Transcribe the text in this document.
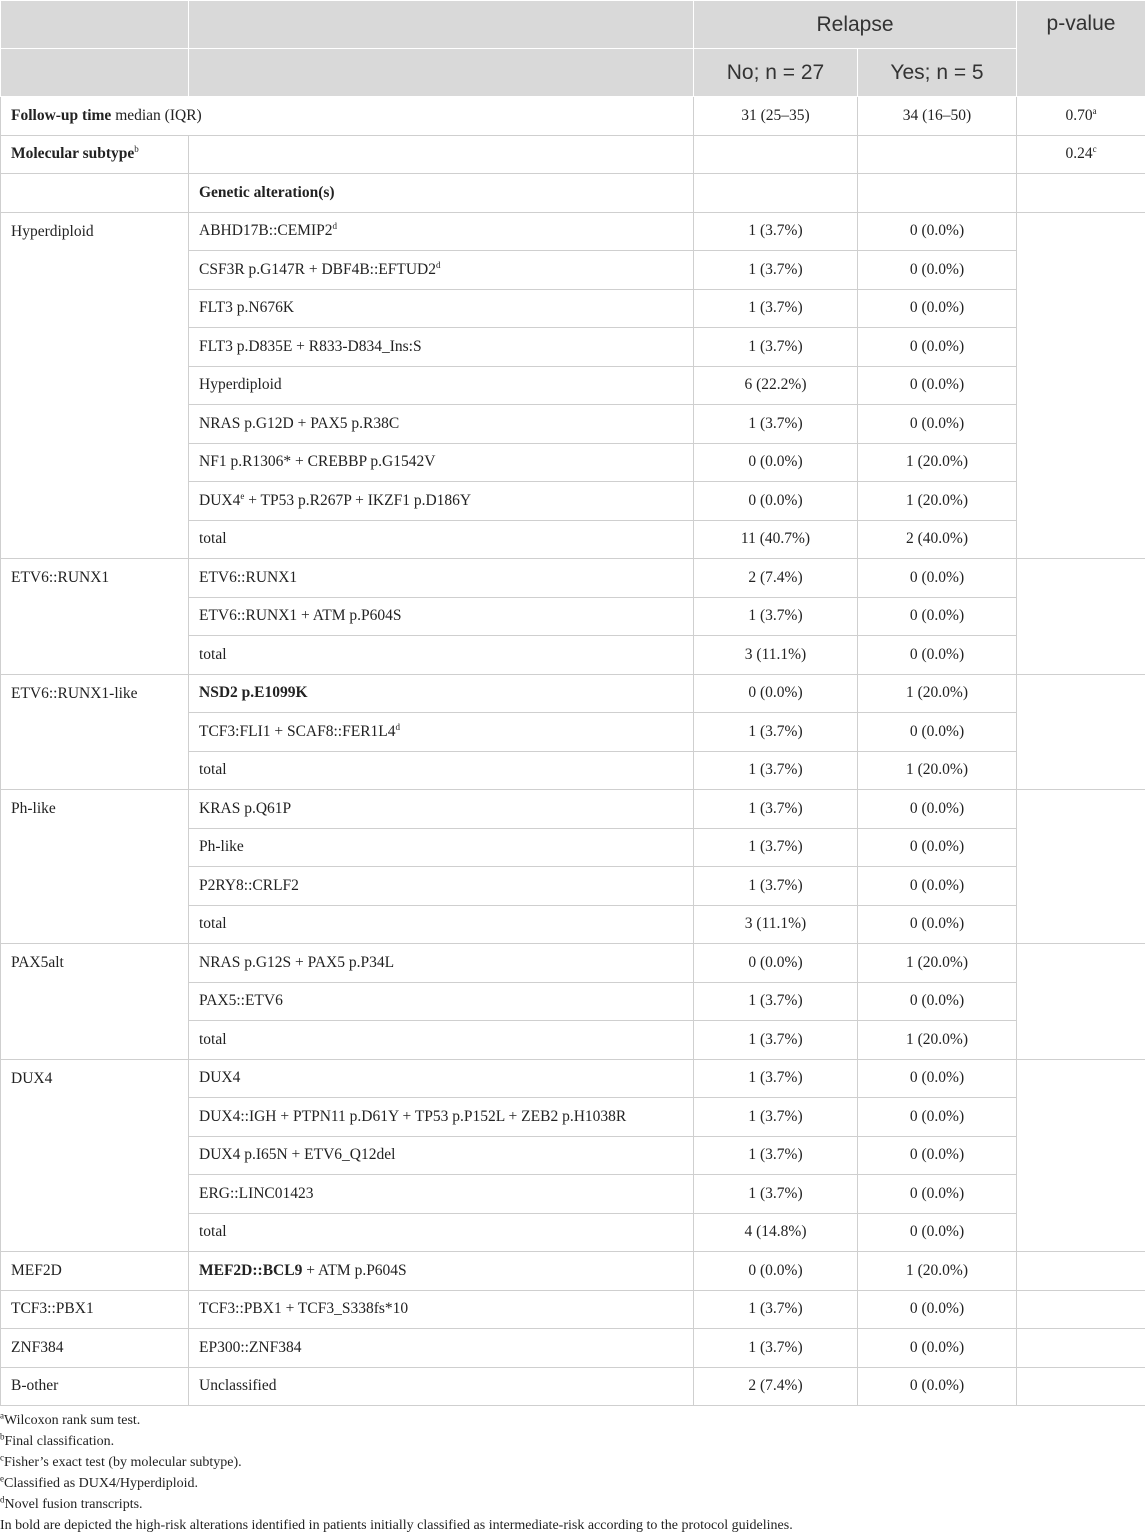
		Relapse		p-value
		No; n = 27	Yes; n = 5	
Follow-up time median (IQR)		31 (25–35)	34 (16–50)	0.70$^a$
Molecular subtype$^b$				0.24$^c$
	Genetic alteration(s)			
Hyperdiploid	ABHD17B::CEMIP2$^d$	1 (3.7%)	0 (0.0%)	
	CSF3R $p.G147R + DBF4B::EFTUD2^d$	1 (3.7%)	0 (0.0%)	
	FLT3 p.N676K	1 (3.7%)	0 (0.0%)	
	FLT3 p.D835E + R833-D834_Ins:S	1 (3.7%)	0 (0.0%)	
	Hyperdiploid	6 (22.2%)	0 (0.0%)	
	NRAS p.G12D + PAX5 p.R38C	1 (3.7%)	0 (0.0%)	
	NF1 p.R1306* + CREBBP p.G1542V	0 (0.0%)	1 (20.0%)	
	$DUX4^e + TP53$ p.R267P + IKZF1 p.D186Y	0 (0.0%)	1 (20.0%)	
	total	11 (40.7%)	2 (40.0%)	
ETV6::RUNX1	ETV6::RUNX1	2 (7.4%)	0 (0.0%)	
	ETV6::RUNX1 + ATM p.P604S	1 (3.7%)	0 (0.0%)	
	total	3 (11.1%)	0 (0.0%)	
ETV6::RUNX1-like	NSD2 p.E1099K	0 (0.0%)	1 (20.0%)	
	TCF3:FLI1 + $SCAF8::FER1L4^d$	1 (3.7%)	0 (0.0%)	
	total	1 (3.7%)	1 (20.0%)	
Ph-like	KRAS p.Q61P	1 (3.7%)	0 (0.0%)	
	Ph-like	1 (3.7%)	0 (0.0%)	
	P2RY8::CRLF2	1 (3.7%)	0 (0.0%)	
	total	3 (11.1%)	0 (0.0%)	
PAX5alt	NRAS p.G12S + PAX5 p.P34L	0 (0.0%)	1 (20.0%)	
	PAX5::ETV6	1 (3.7%)	0 (0.0%)	
	total	1 (3.7%)	1 (20.0%)	
DUX4	DUX4	1 (3.7%)	0 (0.0%)	
	DUX4::IGH + PTPN11 p.D61Y + TP53 p.P152L + ZEB2 p.H1038R	1 (3.7%)	0 (0.0%)	
	DUX4 p.I65N + ETV6_Q12del	1 (3.7%)	0 (0.0%)	
	ERG::LINC01423	1 (3.7%)	0 (0.0%)	
	total	4 (14.8%)	0 (0.0%)	
MEF2D	MEF2D::BCL9 + ATM p.P604S	0 (0.0%)	1 (20.0%)	
TCF3::PBX1	TCF3::PBX1 + TCF3_S338fs*10	1 (3.7%)	0 (0.0%)	
ZNF384	EP300::ZNF384	1 (3.7%)	0 (0.0%)	
B-other	Unclassified	2 (7.4%)	0 (0.0%)	

$^a$Wilcoxon rank sum test.

$^b$Final classification.

$^c$Fisher’s exact test (by molecular subtype).

$^e$Classified as DUX4/Hyperdiploid.

$^d$Novel fusion transcripts.

In bold are depicted the high-risk alterations identified in patients initially classified as intermediate-risk according to the protocol guidelines.
